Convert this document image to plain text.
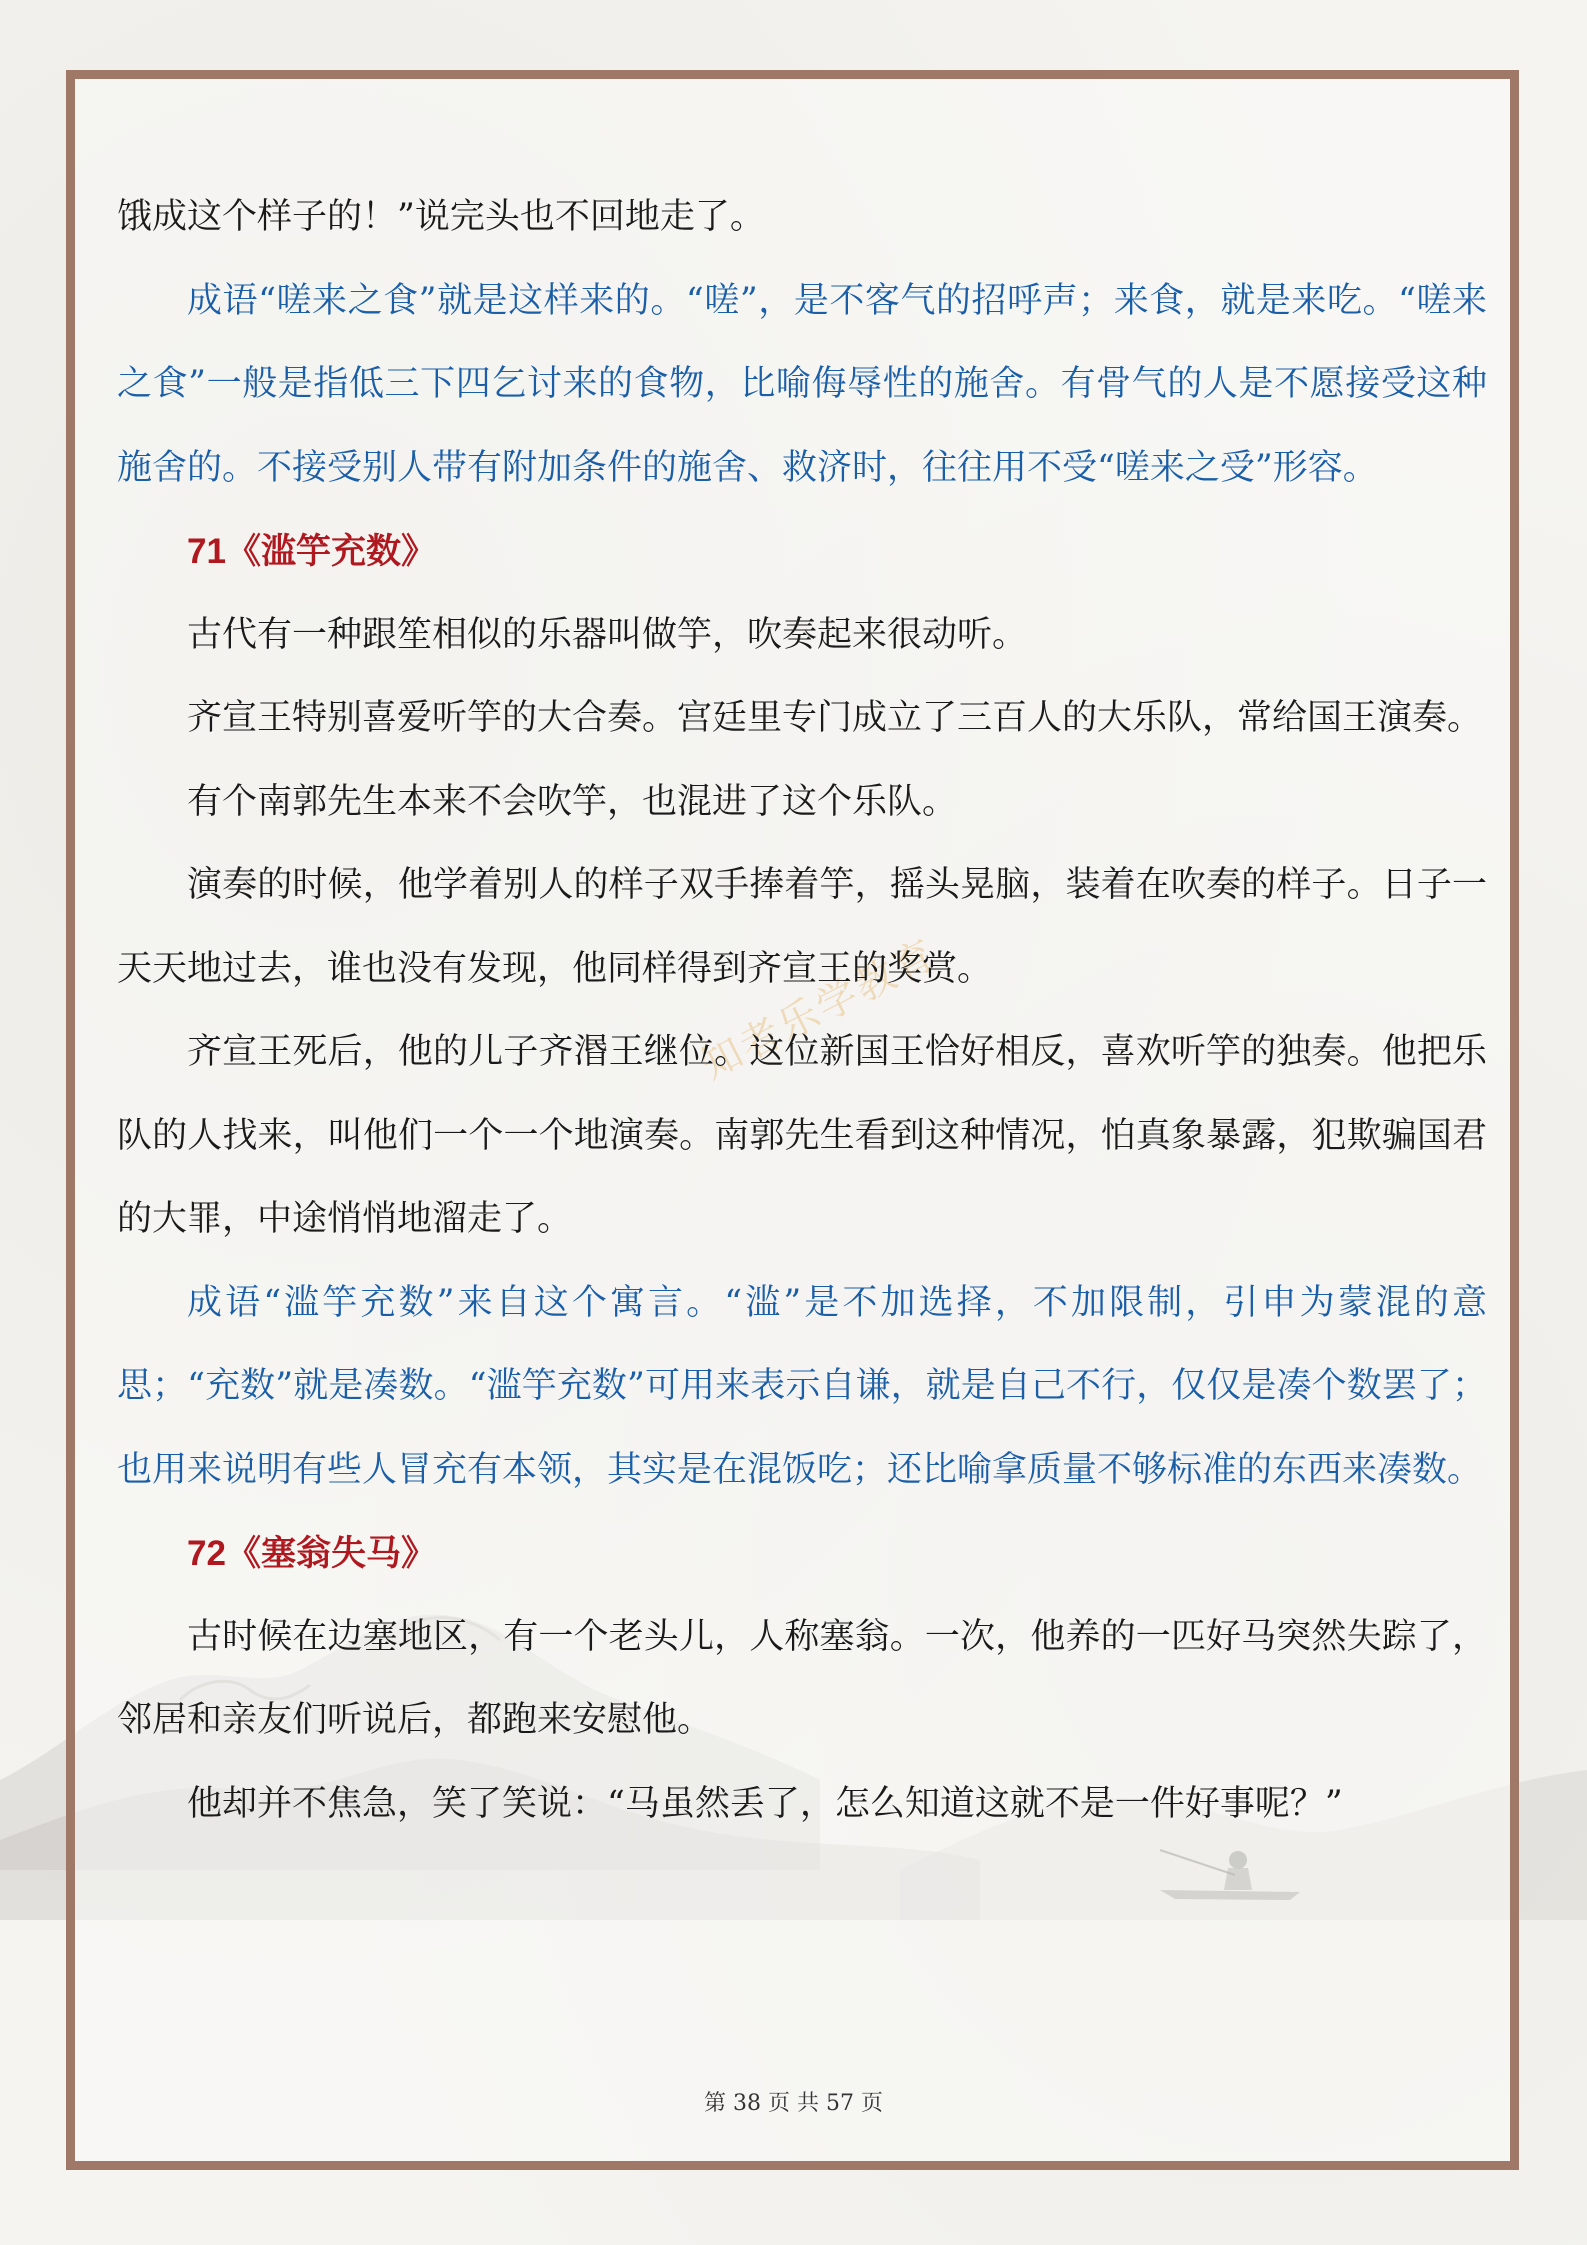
知者乐学教育

饿成这个样子的！”说完头也不回地走了。

成语“嗟来之食”就是这样来的。“嗟”，是不客气的招呼声；来食，就是来吃。“嗟来之食”一般是指低三下四乞讨来的食物，比喻侮辱性的施舍。有骨气的人是不愿接受这种施舍的。不接受别人带有附加条件的施舍、救济时，往往用不受“嗟来之受”形容。

71《滥竽充数》

古代有一种跟笙相似的乐器叫做竽，吹奏起来很动听。

齐宣王特别喜爱听竽的大合奏。宫廷里专门成立了三百人的大乐队，常给国王演奏。

有个南郭先生本来不会吹竽，也混进了这个乐队。

演奏的时候，他学着别人的样子双手捧着竽，摇头晃脑，装着在吹奏的样子。日子一天天地过去，谁也没有发现，他同样得到齐宣王的奖赏。

齐宣王死后，他的儿子齐湣王继位。这位新国王恰好相反，喜欢听竽的独奏。他把乐队的人找来，叫他们一个一个地演奏。南郭先生看到这种情况，怕真象暴露，犯欺骗国君的大罪，中途悄悄地溜走了。

成语“滥竽充数”来自这个寓言。“滥”是不加选择，不加限制，引申为蒙混的意思；“充数”就是凑数。“滥竽充数”可用来表示自谦，就是自己不行，仅仅是凑个数罢了；也用来说明有些人冒充有本领，其实是在混饭吃；还比喻拿质量不够标准的东西来凑数。

72《塞翁失马》

古时候在边塞地区，有一个老头儿，人称塞翁。一次，他养的一匹好马突然失踪了，邻居和亲友们听说后，都跑来安慰他。

他却并不焦急，笑了笑说：“马虽然丢了，怎么知道这就不是一件好事呢？”

第 38 页 共 57 页
